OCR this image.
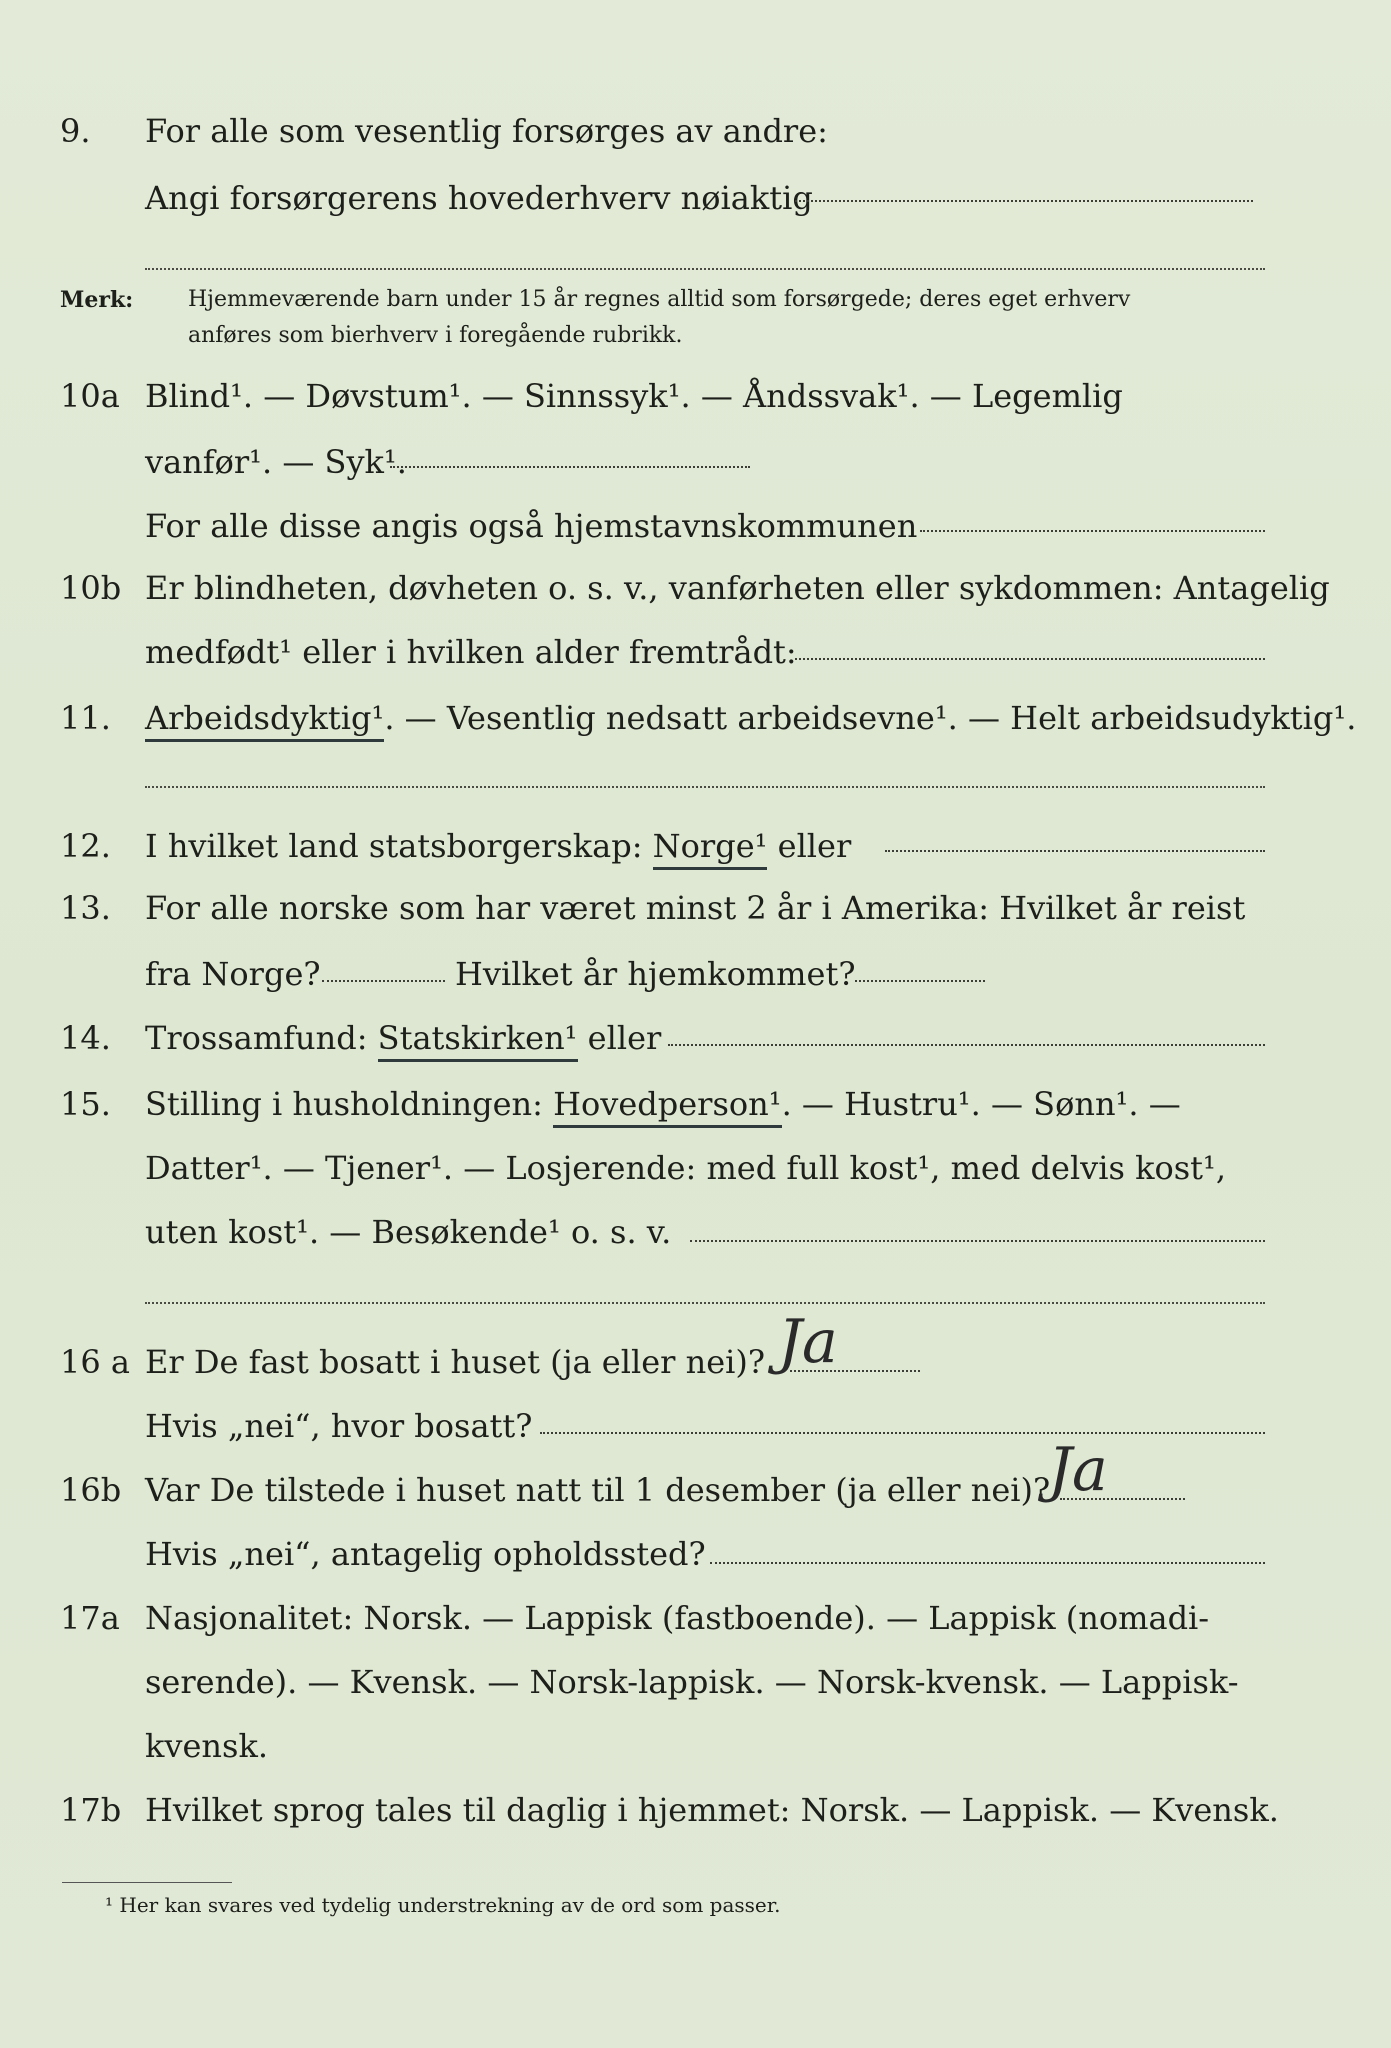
9. For alle som vesentlig forsørges av andre:
Angi forsørgerens hovederhverv nøiaktig
Merk: Hjemmeværende barn under 15 år regnes alltid som forsørgede; deres eget erhverv
anføres som bierhverv i foregående rubrikk.
10a Blind¹. — Døvstum¹. — Sinnssyk¹. — Åndssvak¹. — Legemlig
vanfør¹. — Syk¹.
For alle disse angis også hjemstavnskommunen
10b Er blindheten, døvheten o. s. v., vanførheten eller sykdommen: Antagelig
medfødt¹ eller i hvilken alder fremtrådt:
11. Arbeidsdyktig¹. — Vesentlig nedsatt arbeidsevne¹. — Helt arbeidsudyktig¹.
12. I hvilket land statsborgerskap: Norge¹ eller
13. For alle norske som har været minst 2 år i Amerika: Hvilket år reist
fra Norge?	Hvilket år hjemkommet?
14. Trossamfund: Statskirken¹ eller
15. Stilling i husholdningen: Hovedperson¹. — Hustru¹. — Sønn¹. —
Datter¹. — Tjener¹. — Losjerende: med full kost¹, med delvis kost¹,
uten kost¹. — Besøkende¹ o. s. v.
16 a Er De fast bosatt i huset (ja eller nei)? Ja
Hvis „nei“, hvor bosatt?
16b Var De tilstede i huset natt til 1 desember (ja eller nei)?
Ja
Hvis „nei“, antagelig opholdssted?
17a Nasjonalitet: Norsk. — Lappisk (fastboende). — Lappisk (nomadi-
serende). — Kvensk. — Norsk-lappisk. — Norsk-kvensk. — Lappisk-
kvensk.
17b Hvilket sprog tales til daglig i hjemmet: Norsk. — Lappisk. — Kvensk.
¹ Her kan svares ved tydelig understrekning av de ord som passer.
